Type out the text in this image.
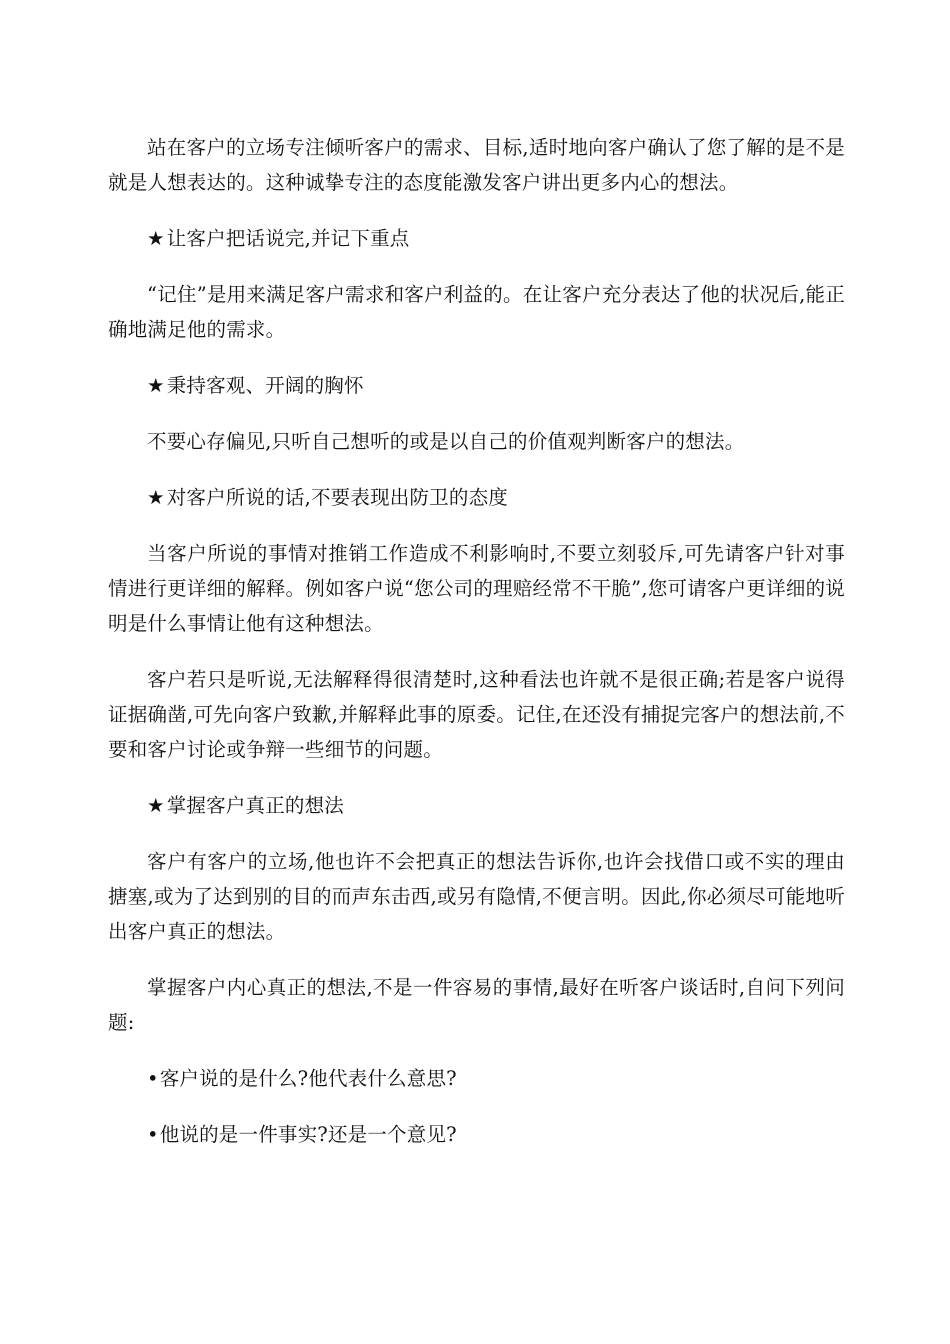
站在客户的立场专注倾听客户的需求、目标,适时地向客户确认了您了解的是不是就是人想表达的。这种诚挚专注的态度能激发客户讲出更多内心的想法。

★ 让客户把话说完,并记下重点

“记住”是用来满足客户需求和客户利益的。在让客户充分表达了他的状况后,能正确地满足他的需求。

★ 秉持客观、开阔的胸怀

不要心存偏见,只听自己想听的或是以自己的价值观判断客户的想法。

★ 对客户所说的话,不要表现出防卫的态度

当客户所说的事情对推销工作造成不利影响时,不要立刻驳斥,可先请客户针对事情进行更详细的解释。例如客户说“您公司的理赔经常不干脆”,您可请客户更详细的说明是什么事情让他有这种想法。

客户若只是听说,无法解释得很清楚时,这种看法也许就不是很正确;若是客户说得证据确凿,可先向客户致歉,并解释此事的原委。记住,在还没有捕捉完客户的想法前,不要和客户讨论或争辩一些细节的问题。

★ 掌握客户真正的想法

客户有客户的立场,他也许不会把真正的想法告诉你,也许会找借口或不实的理由搪塞,或为了达到别的目的而声东击西,或另有隐情,不便言明。因此,你必须尽可能地听出客户真正的想法。

掌握客户内心真正的想法,不是一件容易的事情,最好在听客户谈话时,自问下列问题:

•客户说的是什么?他代表什么意思?

•他说的是一件事实?还是一个意见?
